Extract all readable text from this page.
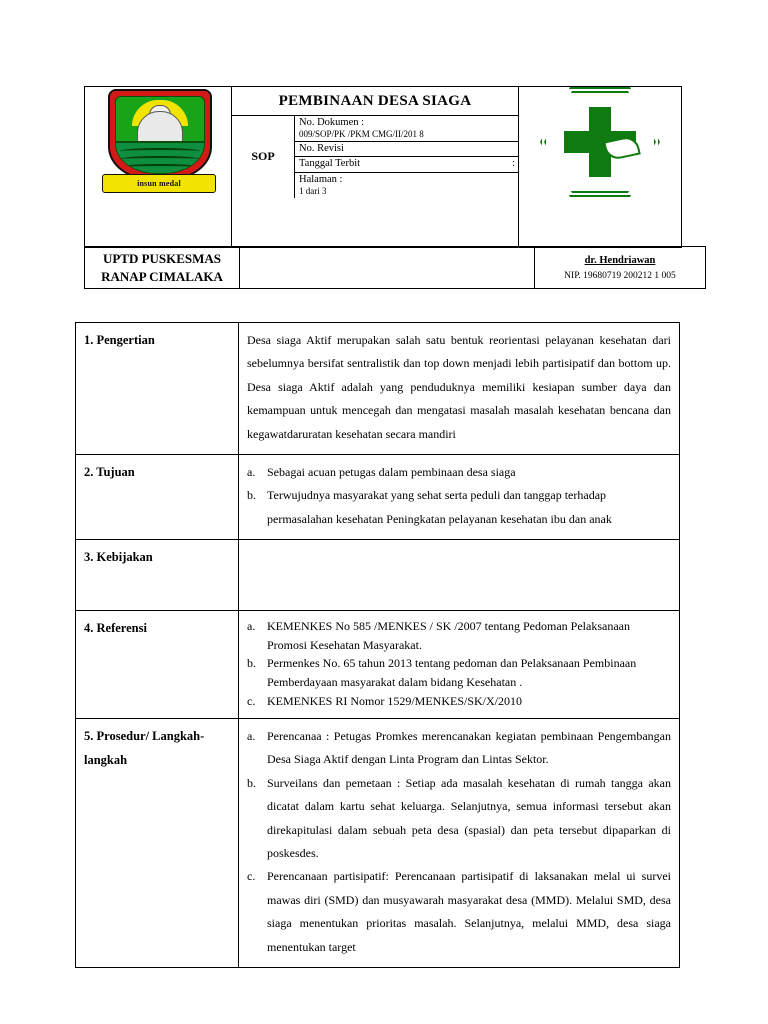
insun medal

PEMBINAAN DESA SIAGA
SOP
No. Dokumen :
009/SOP/PK /PKM CMG/II/201 8
No. Revisi
Tanggal Terbit	:
Halaman :
1 dari 3

UPTD PUSKESMAS RANAP CIMALAKA		
dr. Hendriawan
NIP. 19680719 200212 1 005
1. Pengertian	Desa siaga Aktif merupakan salah satu bentuk reorientasi pelayanan kesehatan dari sebelumnya bersifat sentralistik dan top down menjadi lebih partisipatif dan bottom up. Desa siaga Aktif adalah yang penduduknya memiliki kesiapan sumber daya dan kemampuan untuk mencegah dan mengatasi masalah masalah kesehatan bencana dan kegawatdaruratan kesehatan secara mandiri
2. Tujuan	a. Sebagai acuan petugas dalam pembinaan desa siaga
b. Terwujudnya masyarakat yang sehat serta peduli dan tanggap terhadap permasalahan kesehatan Peningkatan pelayanan kesehatan ibu dan anak

3. Kebijakan	
4. Referensi	a. KEMENKES No 585 /MENKES / SK /2007 tentang Pedoman Pelaksanaan Promosi Kesehatan Masyarakat.
b. Permenkes No. 65 tahun 2013 tentang pedoman dan Pelaksanaan Pembinaan Pemberdayaan masyarakat dalam bidang Kesehatan .
c. KEMENKES RI Nomor 1529/MENKES/SK/X/2010

5. Prosedur/ Langkah-langkah	
a. Perencanaa : Petugas Promkes merencanakan kegiatan pembinaan Pengembangan Desa Siaga Aktif dengan Linta Program dan Lintas Sektor.
b. Surveilans dan pemetaan : Setiap ada masalah kesehatan di rumah tangga akan dicatat dalam kartu sehat keluarga. Selanjutnya, semua informasi tersebut akan direkapitulasi dalam sebuah peta desa (spasial) dan peta tersebut dipaparkan di poskesdes.
c. Perencanaan partisipatif: Perencanaan partisipatif di laksanakan melal ui survei mawas diri (SMD) dan musyawarah masyarakat desa (MMD). Melalui SMD, desa siaga menentukan prioritas masalah. Selanjutnya, melalui MMD, desa siaga menentukan target
